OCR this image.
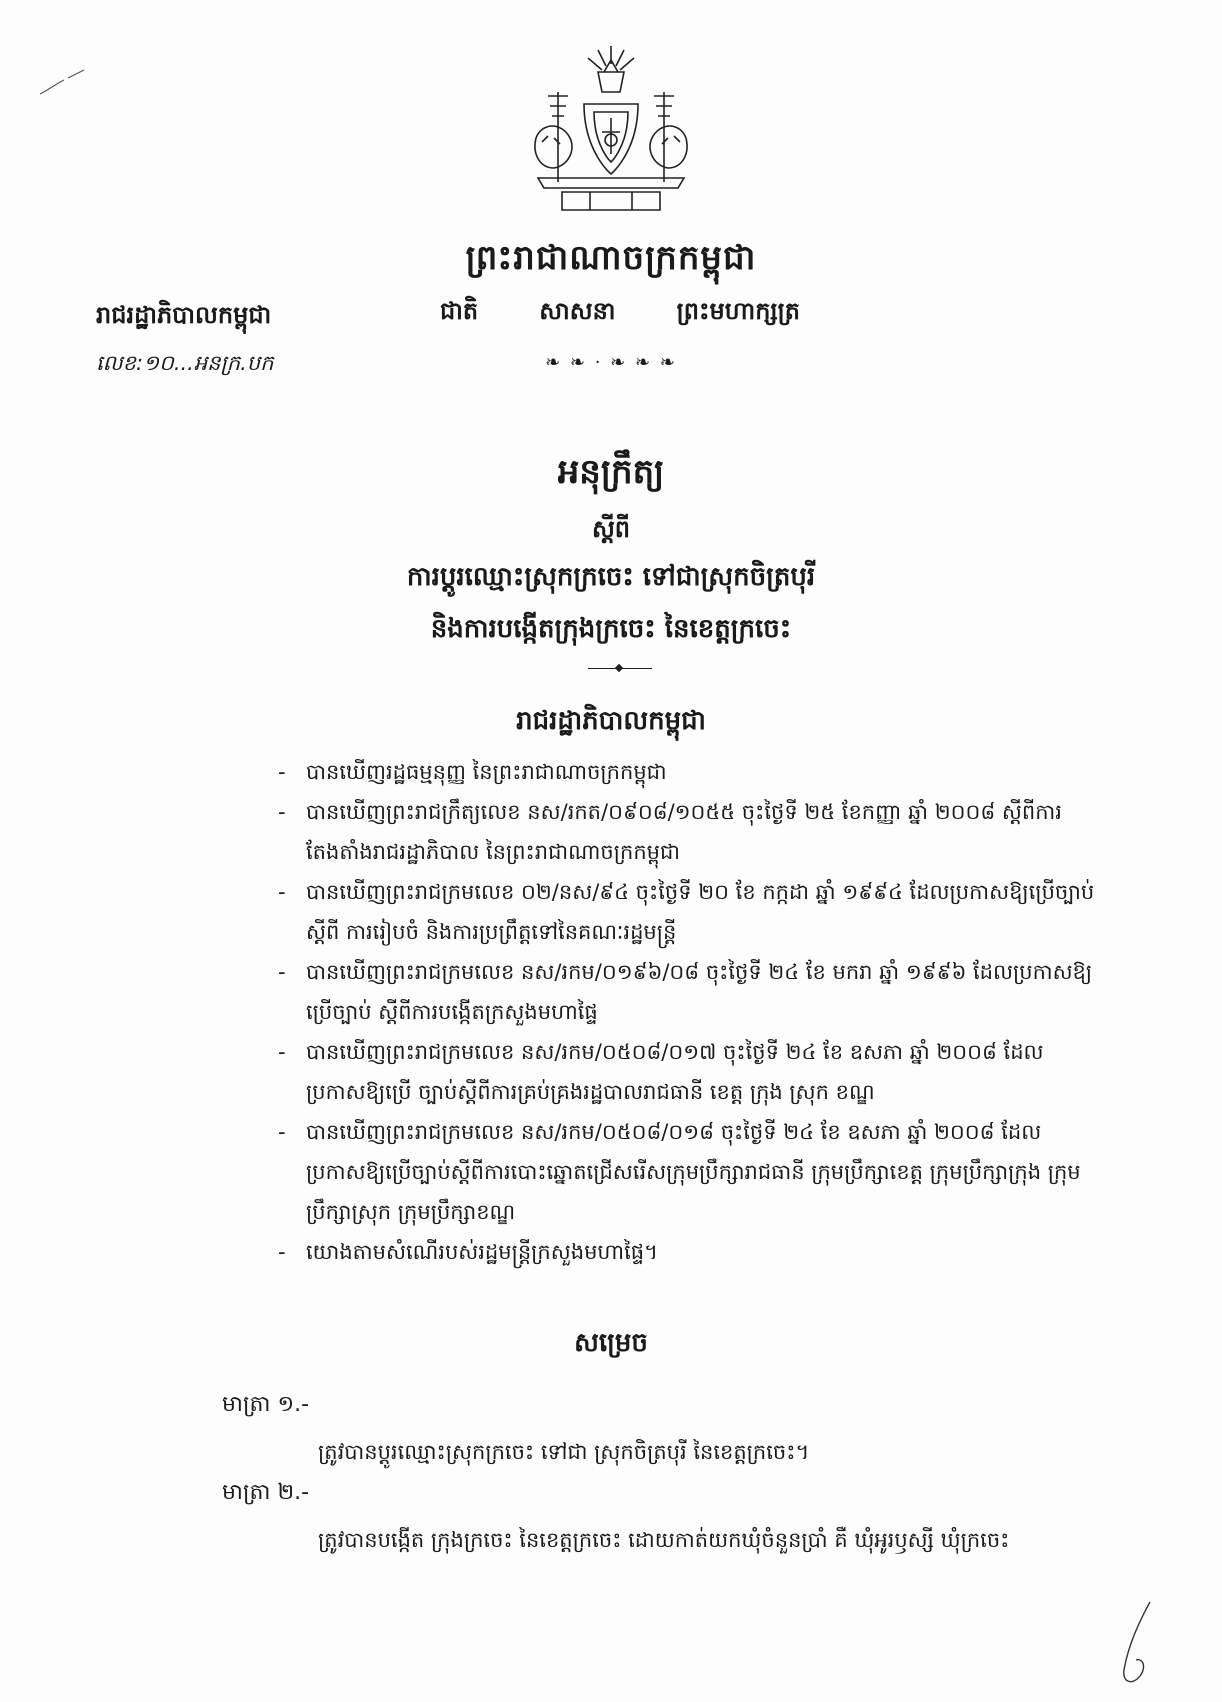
ព្រះរាជាណាចក្រកម្ពុជា
រាជរដ្ឋាភិបាលកម្ពុជា	ជាតិ	សាសនា	ព្រះមហាក្សត្រ
លេខ:១០...អនក្រ.បក	❧ ❧ · ❧ ❧ ❧
អនុក្រឹត្យ
ស្តីពី
ការប្តូរឈ្មោះស្រុកក្រចេះ ទៅជាស្រុកចិត្របុរី
និងការបង្កើតក្រុងក្រចេះ នៃខេត្តក្រចេះ
រាជរដ្ឋាភិបាលកម្ពុជា
- បានឃើញរដ្ឋធម្មនុញ្ញ នៃព្រះរាជាណាចក្រកម្ពុជា
- បានឃើញព្រះរាជក្រឹត្យលេខ នស/រកត/០៩០៨/១០៥៥ ចុះថ្ងៃទី ២៥ ខែកញ្ញា ឆ្នាំ ២០០៨ ស្តីពីការតែងតាំងរាជរដ្ឋាភិបាល នៃព្រះរាជាណាចក្រកម្ពុជា
- បានឃើញព្រះរាជក្រមលេខ ០២/នស/៩៤ ចុះថ្ងៃទី ២០ ខែ កក្កដា ឆ្នាំ ១៩៩៤ ដែលប្រកាសឱ្យប្រើច្បាប់ស្តីពី ការរៀបចំ និងការប្រព្រឹត្តទៅនៃគណៈរដ្ឋមន្ត្រី
- បានឃើញព្រះរាជក្រមលេខ នស/រកម/០១៩៦/០៨ ចុះថ្ងៃទី ២៤ ខែ មករា ឆ្នាំ ១៩៩៦ ដែលប្រកាសឱ្យប្រើច្បាប់ ស្តីពីការបង្កើតក្រសួងមហាផ្ទៃ
- បានឃើញព្រះរាជក្រមលេខ នស/រកម/០៥០៨/០១៧ ចុះថ្ងៃទី ២៤ ខែ ឧសភា ឆ្នាំ ២០០៨ ដែលប្រកាសឱ្យប្រើ ច្បាប់ស្តីពីការគ្រប់គ្រងរដ្ឋបាលរាជធានី ខេត្ត ក្រុង ស្រុក ខណ្ឌ
- បានឃើញព្រះរាជក្រមលេខ នស/រកម/០៥០៨/០១៨ ចុះថ្ងៃទី ២៤ ខែ ឧសភា ឆ្នាំ ២០០៨ ដែលប្រកាសឱ្យប្រើច្បាប់ស្តីពីការបោះឆ្នោតជ្រើសរើសក្រុមប្រឹក្សារាជធានី ក្រុមប្រឹក្សាខេត្ត ក្រុមប្រឹក្សាក្រុង ក្រុមប្រឹក្សាស្រុក ក្រុមប្រឹក្សាខណ្ឌ
- យោងតាមសំណើរបស់រដ្ឋមន្ត្រីក្រសួងមហាផ្ទៃ។
សម្រេច
មាត្រា ១.-
ត្រូវបានប្តូរឈ្មោះស្រុកក្រចេះ ទៅជា ស្រុកចិត្របុរី នៃខេត្តក្រចេះ។
មាត្រា ២.-
ត្រូវបានបង្កើត ក្រុងក្រចេះ នៃខេត្តក្រចេះ ដោយកាត់យកឃុំចំនួនប្រាំ គឺ ឃុំអូរឫស្សី ឃុំក្រចេះ
